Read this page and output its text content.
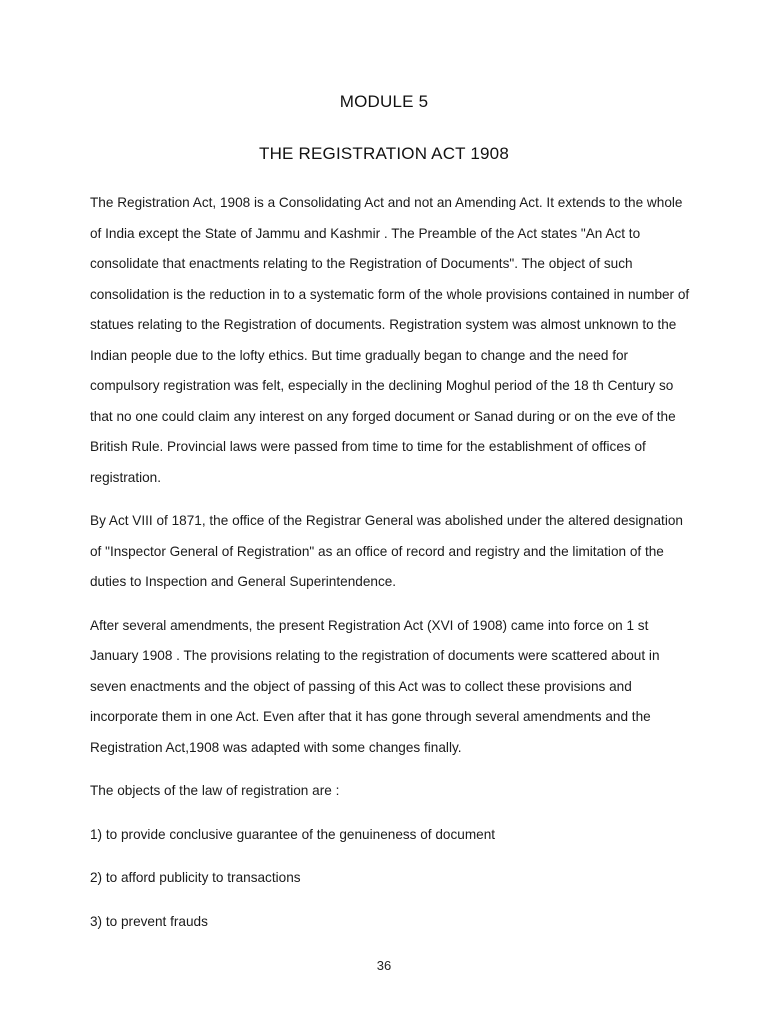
MODULE 5
THE REGISTRATION ACT 1908

The Registration Act, 1908 is a Consolidating Act and not an Amending Act. It extends to the whole of India except the State of Jammu and Kashmir . The Preamble of the Act states "An Act to consolidate that enactments relating to the Registration of Documents". The object of such consolidation is the reduction in to a systematic form of the whole provisions contained in number of statues relating to the Registration of documents. Registration system was almost unknown to the Indian people due to the lofty ethics. But time gradually began to change and the need for compulsory registration was felt, especially in the declining Moghul period of the 18 th Century so that no one could claim any interest on any forged document or Sanad during or on the eve of the British Rule. Provincial laws were passed from time to time for the establishment of offices of registration.

By Act VIII of 1871, the office of the Registrar General was abolished under the altered designation of "Inspector General of Registration" as an office of record and registry and the limitation of the duties to Inspection and General Superintendence.

After several amendments, the present Registration Act (XVI of 1908) came into force on 1 st January 1908 . The provisions relating to the registration of documents were scattered about in seven enactments and the object of passing of this Act was to collect these provisions and incorporate them in one Act. Even after that it has gone through several amendments and the Registration Act,1908 was adapted with some changes finally.

The objects of the law of registration are :

1) to provide conclusive guarantee of the genuineness of document

2) to afford publicity to transactions

3) to prevent frauds

36
